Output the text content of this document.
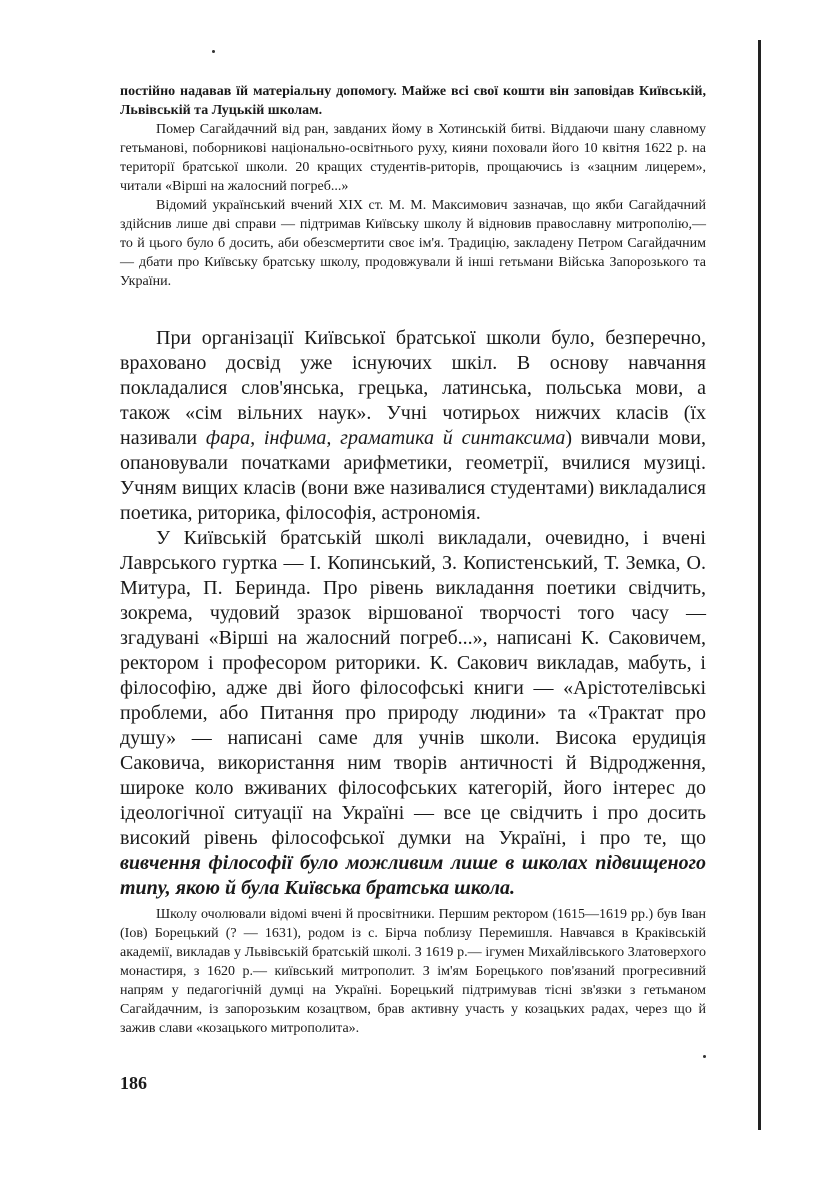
постійно надавав їй матеріальну допомогу. Майже всі свої кошти він заповідав Київській, Львівській та Луцькій школам.

Помер Сагайдачний від ран, завданих йому в Хотинській битві. Віддаючи шану славному гетьманові, поборникові національно-освітнього руху, кияни поховали його 10 квітня 1622 р. на території братської школи. 20 кращих студентів-риторів, прощаючись із «зацним лицерем», читали «Вірші на жалосний погреб...»

Відомий український вчений XIX ст. М. М. Максимович зазначав, що якби Сагайдачний здійснив лише дві справи — підтримав Київську школу й відновив православну митрополію,— то й цього було б досить, аби обезсмертити своє ім'я. Традицію, закладену Петром Сагайдачним — дбати про Київську братську школу, продовжували й інші гетьмани Війська Запорозького та України.

При організації Київської братської школи було, безперечно, враховано досвід уже існуючих шкіл. В основу навчання покладалися слов'янська, грецька, латинська, польська мови, а також «сім вільних наук». Учні чотирьох нижчих класів (їх називали фара, інфима, граматика й синтаксима) вивчали мови, опановували початками арифметики, геометрії, вчилися музиці. Учням вищих класів (вони вже називалися студентами) викладалися поетика, риторика, філософія, астрономія.

У Київській братській школі викладали, очевидно, і вчені Лаврського гуртка — І. Копинський, З. Копистенський, Т. Земка, О. Митура, П. Беринда. Про рівень викладання поетики свідчить, зокрема, чудовий зразок віршованої творчості того часу — згадувані «Вірші на жалосний погреб...», написані К. Саковичем, ректором і професором риторики. К. Сакович викладав, мабуть, і філософію, адже дві його філософські книги — «Арістотелівські проблеми, або Питання про природу людини» та «Трактат про душу» — написані саме для учнів школи. Висока ерудиція Саковича, використання ним творів античності й Відродження, широке коло вживаних філософських категорій, його інтерес до ідеологічної ситуації на Україні — все це свідчить і про досить високий рівень філософської думки на Україні, і про те, що вивчення філософії було можливим лише в школах підвищеного типу, якою й була Київська братська школа.

Школу очолювали відомі вчені й просвітники. Першим ректором (1615—1619 рр.) був Іван (Іов) Борецький (? — 1631), родом із с. Бірча поблизу Перемишля. Навчався в Краківській академії, викладав у Львівській братській школі. З 1619 р.— ігумен Михайлівського Златоверхого монастиря, з 1620 р.— київський митрополит. З ім'ям Борецького пов'язаний прогресивний напрям у педагогічній думці на Україні. Борецький підтримував тісні зв'язки з гетьманом Сагайдачним, із запорозьким козацтвом, брав активну участь у козацьких радах, через що й зажив слави «козацького митрополита».

186
